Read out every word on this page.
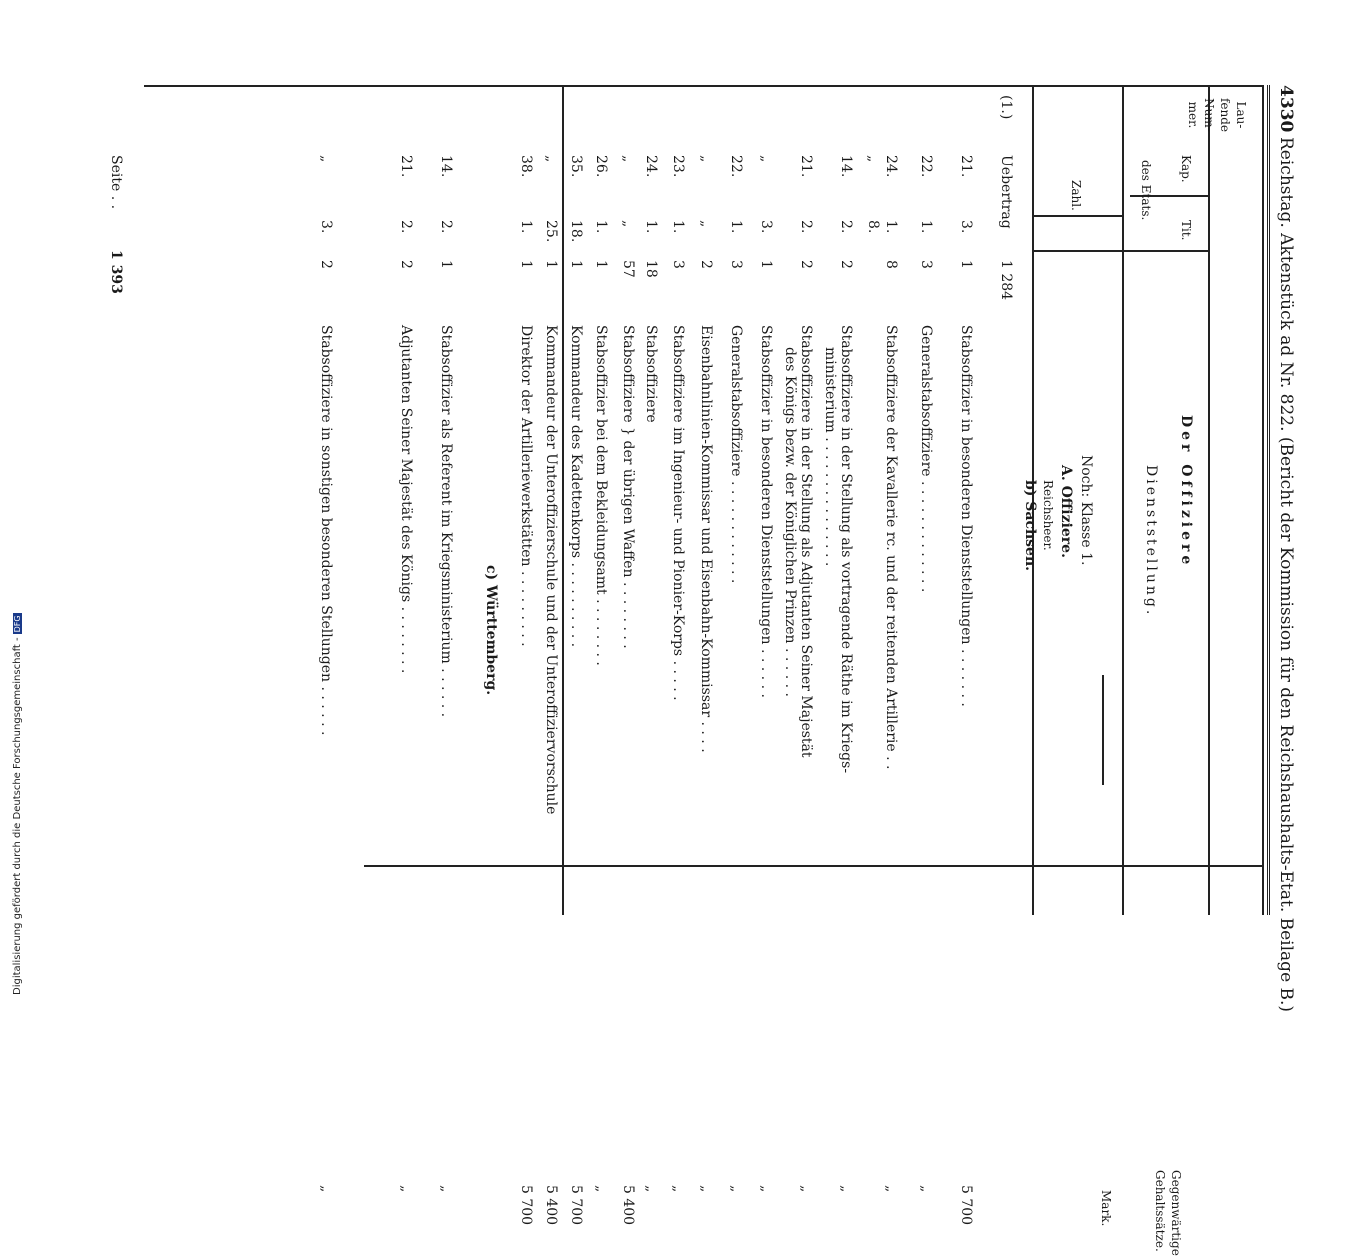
4330
Reichstag. Aktenstück ad Nr. 822. (Bericht der Kommission für den Reichshaushalts-Etat. Beilage B.)
Lau- fende Num- mer.
Kap.
Tit.
des Etats.
Zahl.
Der Offiziere
Dienststellung.
Gegenwärtige Gehaltssätze.
Mark.
Noch: Klasse 1.
A. Offiziere.
Reichsheer.
(1.)
Uebertrag
1 284
21.
3.
1
Stabsoffizier in besonderen Dienststellungen . . . . . . .
5 700
22.
1.
3
Generalstabsoffiziere . . . . . . . . . . . . .
„
24.
1.
8
Stabsoffiziere der Kavallerie rc. und der reitenden Artillerie . .
„
„
8.
14.
2.
2
Stabsoffiziere in der Stellung als vortragende Räthe im Kriegs-
ministerium . . . . . . . . . . . . . . .
„
21.
2.
2
Stabsoffiziere in der Stellung als Adjutanten Seiner Majestät
des Königs bezw. der Königlichen Prinzen . . . . . .
„
„
3.
1
Stabsoffizier in besonderen Dienststellungen . . . . . .
„
22.
1.
3
Generalstabsoffiziere . . . . . . . . . . . .
„
„
„
2
Eisenbahnlinien-Kommissar und Eisenbahn-Kommissar . . . .
„
23.
1.
3
Stabsoffiziere im Ingenieur- und Pionier-Korps . . . . .
„
24.
1.
18
Stabsoffiziere
„
„
„
57
Stabsoffiziere } der übrigen Waffen . . . . . . . .
5 400
26.
1.
1
Stabsoffizier bei dem Bekleidungsamt . . . . . . . .
„
35.
18.
1
Kommandeur des Kadettenkorps . . . . . . . . . .
5 700
„
25.
1
Kommandeur der Unteroffizierschule und der Unteroffiziervorschule
5 400
38.
1.
1
Direktor der Artilleriewerkstätten . . . . . . . . .
5 700
14.
2.
1
Stabsoffizier als Referent im Kriegsministerium . . . . . .
„
21.
2.
2
Adjutanten Seiner Majestät des Königs . . . . . . . .
„
„
3.
2
Stabsoffiziere in sonstigen besonderen Stellungen . . . . . .
„
c) Württemberg.
b) Sachsen.
Seite . .
1 393
Digitalisierung gefördert durch die Deutsche Forschungsgemeinschaft -DFG
